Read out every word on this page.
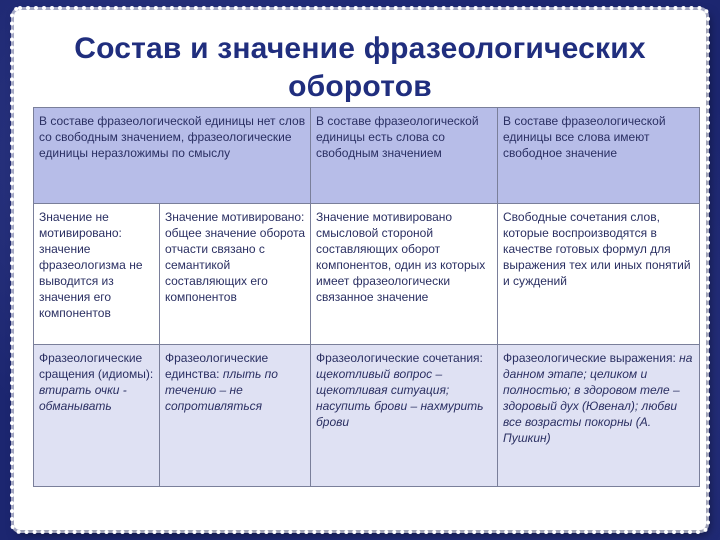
Состав и значение фразеологических
оборотов
В составе фразеологической единицы нет слов со свободным значением, фразеологические единицы неразложимы по смыслу		В составе фразеологической единицы есть слова со свободным значением	В составе фразеологической единицы все слова имеют свободное значение
Значение не мотивировано: значение фразеологизма не выводится из значения его компонентов	Значение мотивировано: общее значение оборота отчасти связано с семантикой составляющих его компонентов	Значение мотивировано смысловой стороной составляющих оборот компонентов, один из которых имеет фразеологически связанное значение	Свободные сочетания слов, которые воспроизводятся в качестве готовых формул для выражения тех или иных понятий и суждений
Фразеологические сращения (идиомы): втирать очки - обманывать	Фразеологические единства: плыть по течению – не сопротивляться	Фразеологические сочетания: щекотливый вопрос – щекотливая ситуация; насупить брови – нахмурить брови	Фразеологические выражения: на данном этапе; целиком и полностью; в здоровом теле – здоровый дух (Ювенал); любви все возрасты покорны (А. Пушкин)
